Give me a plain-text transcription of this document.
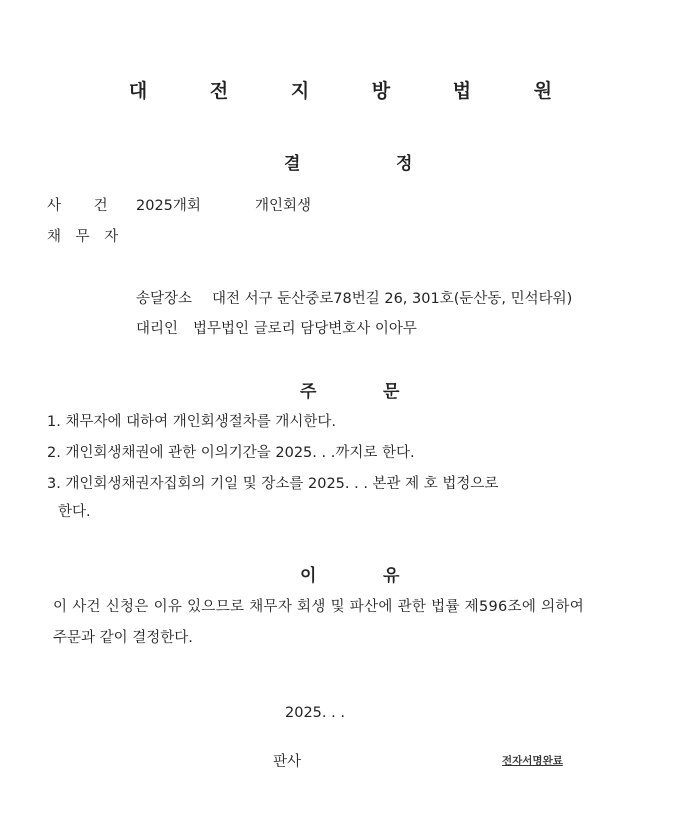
대 전 지 방 법 원
결	정
사 건 2025개회	개인회생
채 무 자
송달장소 대전 서구 둔산중로78번길 26, 301호(둔산동, 민석타워)
대리인 법무법인 글로리 담당변호사 이아무
주	문
1. 채무자에 대하여 개인회생절차를 개시한다.
2. 개인회생채권에 관한 이의기간을 2025. . .까지로 한다.
3. 개인회생채권자집회의 기일 및 장소를 2025. . . 본관 제 호 법정으로
한다.
이	유
이 사건 신청은 이유 있으므로 채무자 회생 및 파산에 관한 법률 제596조에 의하여
주문과 같이 결정한다.
2025. . .
판사	전자서명완료
